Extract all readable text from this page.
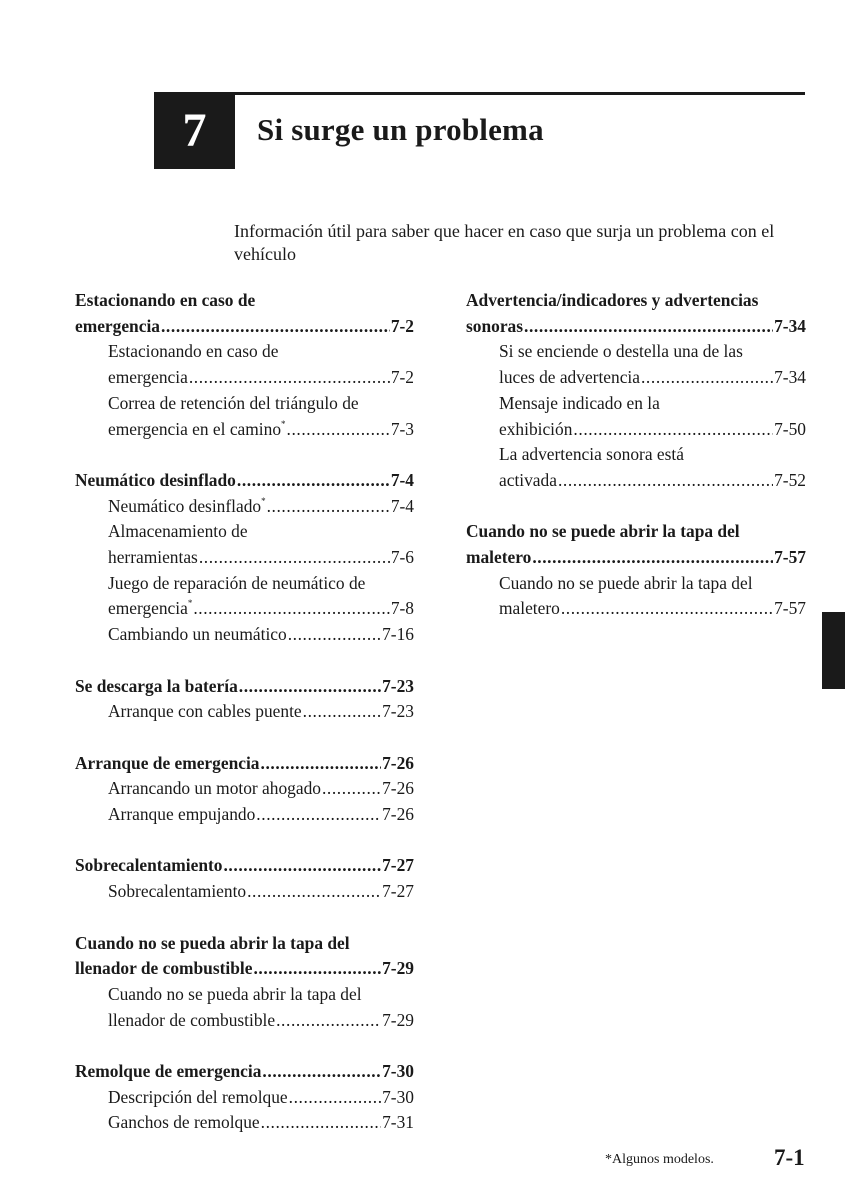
7 Si surge un problema

Información útil para saber que hacer en caso que surja un problema con el vehículo

Estacionando en caso de
emergencia .....	7-2
Estacionando en caso de
emergencia .....	7-2
Correa de retención del triángulo de
emergencia en el camino* .....	7-3
Neumático desinflado .....	7-4
Neumático desinflado* .....	7-4
Almacenamiento de
herramientas .....	7-6
Juego de reparación de neumático de
emergencia* .....	7-8
Cambiando un neumático .....	7-16
Se descarga la batería .....	7-23
Arranque con cables puente .....	7-23
Arranque de emergencia .....	7-26
Arrancando un motor ahogado .....	7-26
Arranque empujando .....	7-26
Sobrecalentamiento .....	7-27
Sobrecalentamiento .....	7-27
Cuando no se pueda abrir la tapa del
llenador de combustible .....	7-29
Cuando no se pueda abrir la tapa del
llenador de combustible .....	7-29
Remolque de emergencia .....	7-30
Descripción del remolque .....	7-30
Ganchos de remolque .....	7-31
Advertencia/indicadores y advertencias
sonoras .....	7-34
Si se enciende o destella una de las
luces de advertencia .....	7-34
Mensaje indicado en la
exhibición .....	7-50
La advertencia sonora está
activada .....	7-52
Cuando no se puede abrir la tapa del
maletero .....	7-57
Cuando no se puede abrir la tapa del
maletero .....	7-57
*Algunos modelos.	7-1
